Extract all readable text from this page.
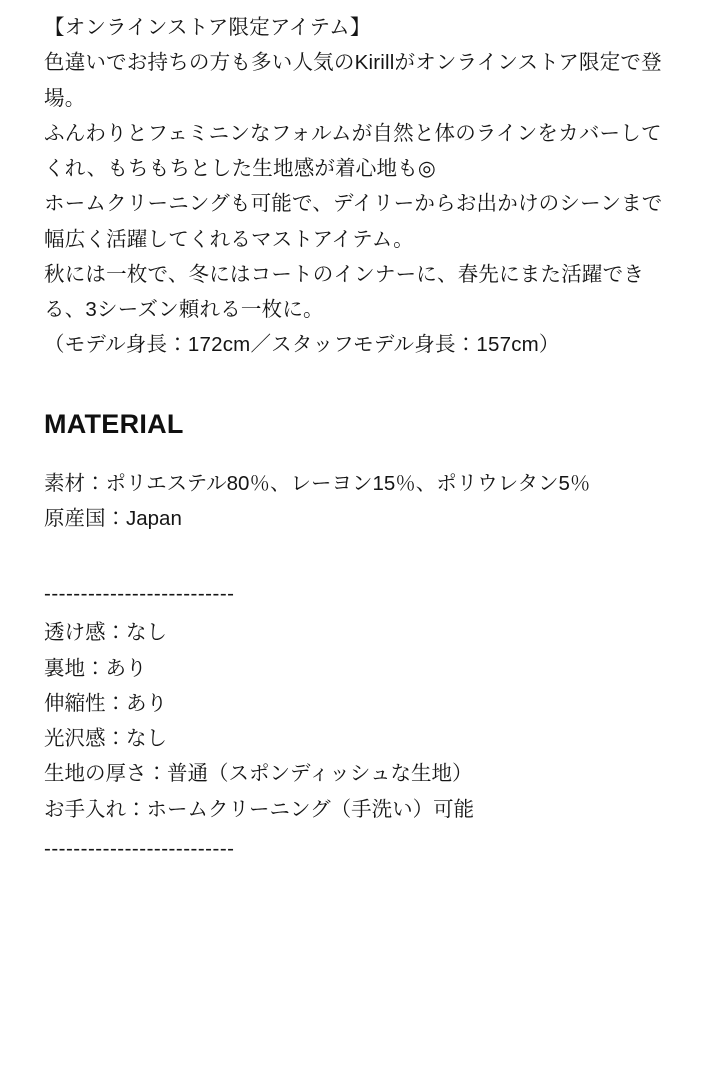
【オンラインストア限定アイテム】

色違いでお持ちの方も多い人気のKirillがオンラインストア限定で登場。

ふんわりとフェミニンなフォルムが自然と体のラインをカバーしてくれ、もちもちとした生地感が着心地も◎

ホームクリーニングも可能で、デイリーからお出かけのシーンまで幅広く活躍してくれるマストアイテム。

秋には一枚で、冬にはコートのインナーに、春先にまた活躍できる、3シーズン頼れる一枚に。

（モデル身長：172cm／スタッフモデル身長：157cm）

MATERIAL

素材：ポリエステル80％、レーヨン15％、ポリウレタン5％

原産国：Japan

--------------------------
透け感：なし
裏地：あり
伸縮性：あり
光沢感：なし
生地の厚さ：普通（スポンディッシュな生地）
お手入れ：ホームクリーニング（手洗い）可能
--------------------------
